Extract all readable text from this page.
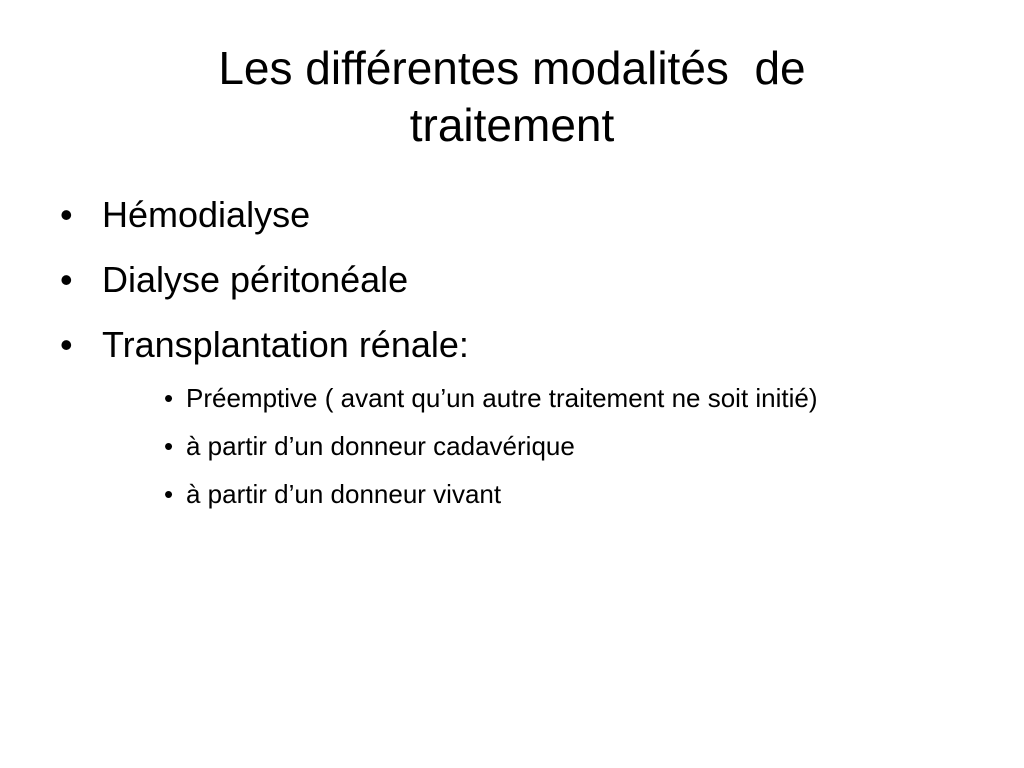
Les différentes modalités  de
traitement
• Hémodialyse
• Dialyse péritonéale
• Transplantation rénale:
• Préemptive ( avant qu’un autre traitement ne soit initié)
• à partir d’un donneur cadavérique
• à partir d’un donneur vivant
